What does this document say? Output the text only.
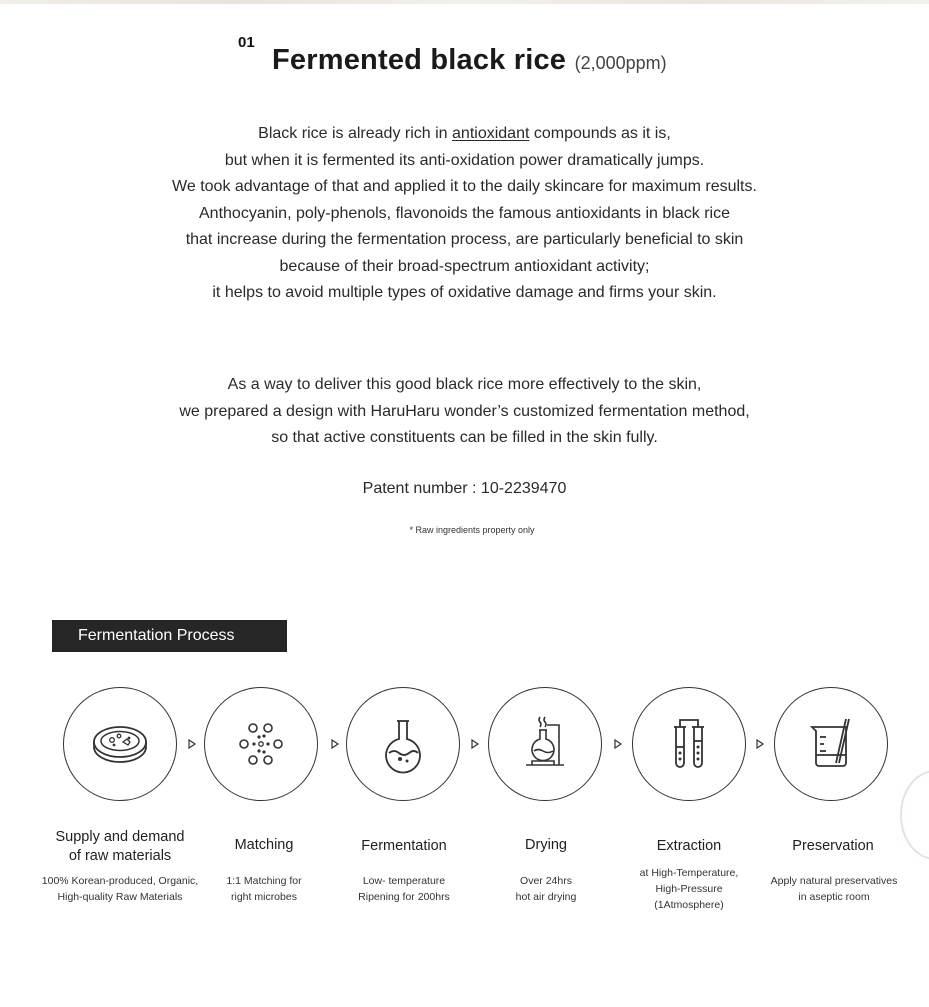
01
Fermented black rice (2,000ppm)
Black rice is already rich in antioxidant compounds as it is,
but when it is fermented its anti-oxidation power dramatically jumps.
We took advantage of that and applied it to the daily skincare for maximum results.
Anthocyanin, poly-phenols, flavonoids the famous antioxidants in black rice
that increase during the fermentation process, are particularly beneficial to skin
because of their broad-spectrum antioxidant activity;
it helps to avoid multiple types of oxidative damage and firms your skin.
As a way to deliver this good black rice more effectively to the skin,
we prepared a design with HaruHaru wonder’s customized fermentation method,
so that active constituents can be filled in the skin fully.
Patent number : 10-2239470
* Raw ingredients property only
Fermentation Process
Supply and demand
of raw materials
Matching	Fermentation	Drying	Extraction	Preservation
100% Korean-produced, Organic,
High-quality Raw Materials
1:1 Matching for
right microbes
Low- temperature
Ripening for 200hrs
Over 24hrs
hot air drying
at High-Temperature,
High-Pressure
(1Atmosphere)
Apply natural preservatives
in aseptic room
